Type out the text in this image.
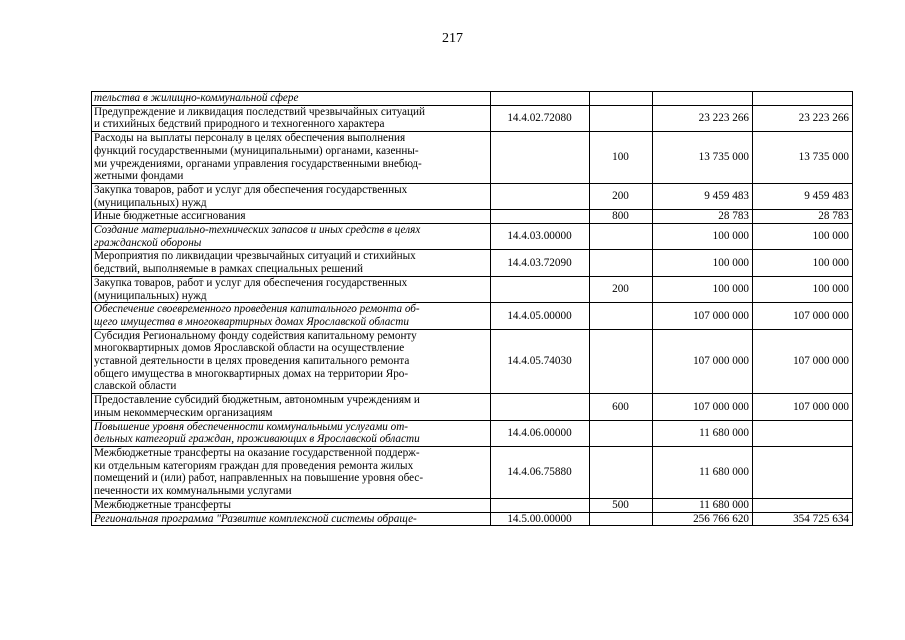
217
тельства в жилищно-коммунальной сфере				

Предупреждение и ликвидация последствий чрезвычайных ситуаций
и стихийных бедствий природного и техногенного характера	14.4.02.72080		23 223 266	23 223 266

Расходы на выплаты персоналу в целях обеспечения выполнения
функций государственными (муниципальными) органами, казенны-
ми учреждениями, органами управления государственными внебюд-
жетными фондами		100	13 735 000	13 735 000

Закупка товаров, работ и услуг для обеспечения государственных
(муниципальных) нужд		200	9 459 483	9 459 483

Иные бюджетные ассигнования		800	28 783	28 783

Создание материально-технических запасов и иных средств в целях
гражданской обороны	14.4.03.00000		100 000	100 000

Мероприятия по ликвидации чрезвычайных ситуаций и стихийных
бедствий, выполняемые в рамках специальных решений	14.4.03.72090		100 000	100 000

Закупка товаров, работ и услуг для обеспечения государственных
(муниципальных) нужд		200	100 000	100 000

Обеспечение своевременного проведения капитального ремонта об-
щего имущества в многоквартирных домах Ярославской области	14.4.05.00000		107 000 000	107 000 000

Субсидия Региональному фонду содействия капитальному ремонту
многоквартирных домов Ярославской области на осуществление
уставной деятельности в целях проведения капитального ремонта
общего имущества в многоквартирных домах на территории Яро-
славской области	14.4.05.74030		107 000 000	107 000 000

Предоставление субсидий бюджетным, автономным учреждениям и
иным некоммерческим организациям		600	107 000 000	107 000 000

Повышение уровня обеспеченности коммунальными услугами от-
дельных категорий граждан, проживающих в Ярославской области	14.4.06.00000		11 680 000	

Межбюджетные трансферты на оказание государственной поддерж-
ки отдельным категориям граждан для проведения ремонта жилых
помещений и (или) работ, направленных на повышение уровня обес-
печенности их коммунальными услугами	14.4.06.75880		11 680 000	

Межбюджетные трансферты		500	11 680 000	

Региональная программа "Развитие комплексной системы обраще-	14.5.00.00000		256 766 620	354 725 634
